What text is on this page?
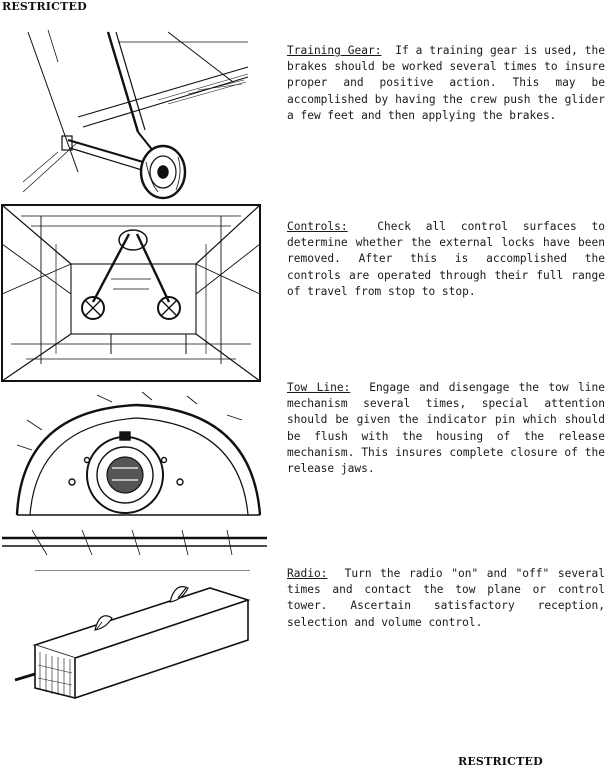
RESTRICTED

Training Gear: If a training gear is used, the brakes should be worked several times to insure proper and positive action. This may be accomplished by having the crew push the glider a few feet and then applying the brakes.

Controls:	Check all control surfaces to determine whether the external locks have been removed. After this is accomplished the controls are operated through their full range of travel from stop to stop.

Tow Line: Engage and disengage the tow line mechanism several times, special attention should be given the indicator pin which should be flush with the housing of the release mechanism. This insures complete closure of the release jaws.

Radio: Turn the radio "on" and "off" several times and contact the tow plane or control tower. Ascertain satisfactory reception, selection and volume control.

RESTRICTED
